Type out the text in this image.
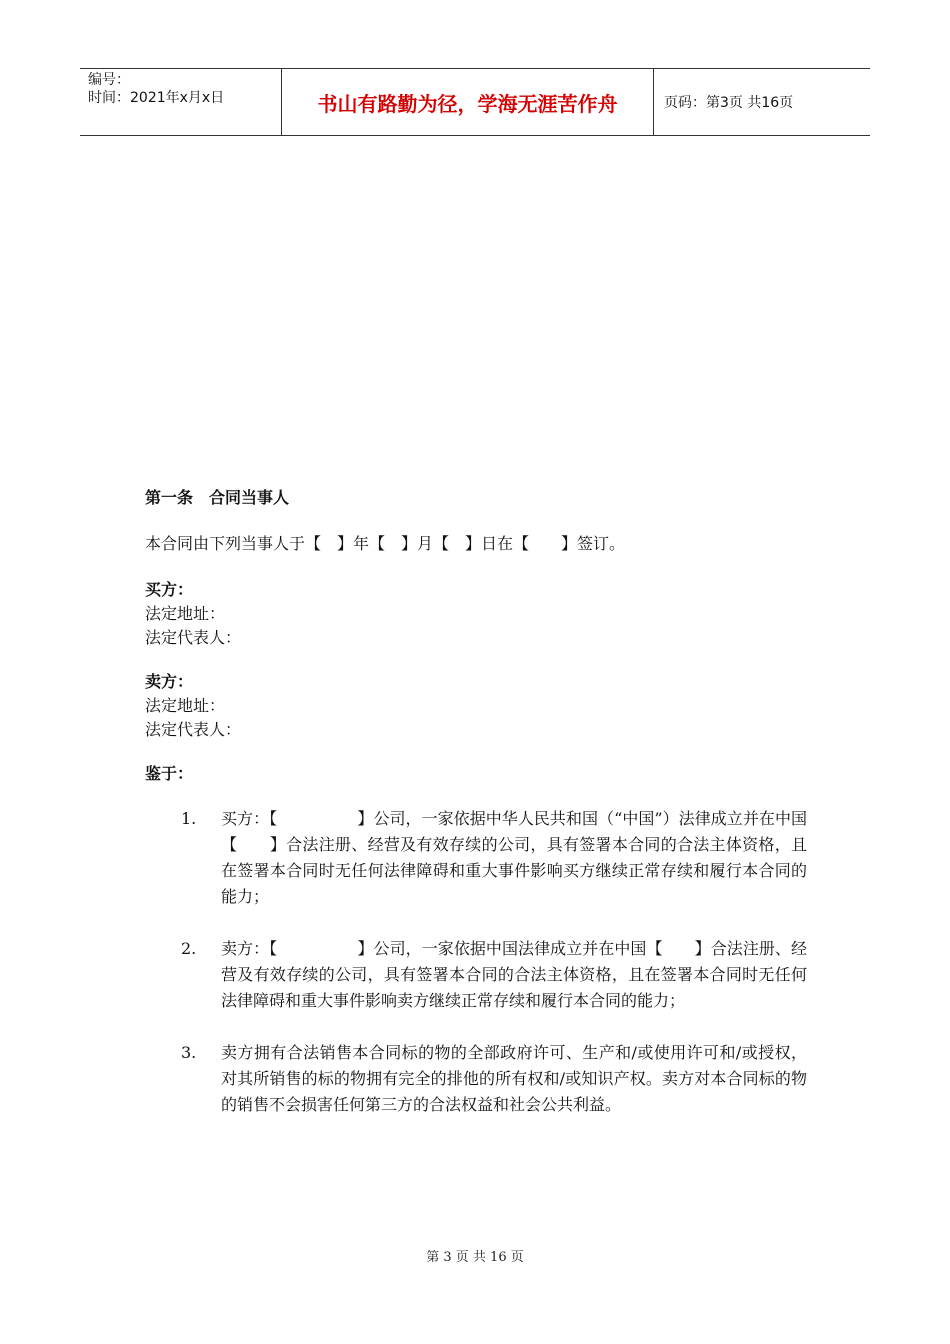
编号：
时间：2021年x月x日	书山有路勤为径，学海无涯苦作舟	页码：第3页 共16页

第一条　合同当事人

本合同由下列当事人于【　】年【　】月【　】日在【　　】签订。

买方：

法定地址：

法定代表人：

卖方：

法定地址：

法定代表人：

鉴于：

1.	买方：【　　　　　】公司，一家依据中华人民共和国（“中国”）法律成立并在中国【　　】合法注册、经营及有效存续的公司，具有签署本合同的合法主体资格，且在签署本合同时无任何法律障碍和重大事件影响买方继续正常存续和履行本合同的能力；
2.	卖方：【　　　　　】公司，一家依据中国法律成立并在中国【　　】合法注册、经营及有效存续的公司，具有签署本合同的合法主体资格，且在签署本合同时无任何法律障碍和重大事件影响卖方继续正常存续和履行本合同的能力；
3.	卖方拥有合法销售本合同标的物的全部政府许可、生产和/或使用许可和/或授权，对其所销售的标的物拥有完全的排他的所有权和/或知识产权。卖方对本合同标的物的销售不会损害任何第三方的合法权益和社会公共利益。
第 3 页 共 16 页
